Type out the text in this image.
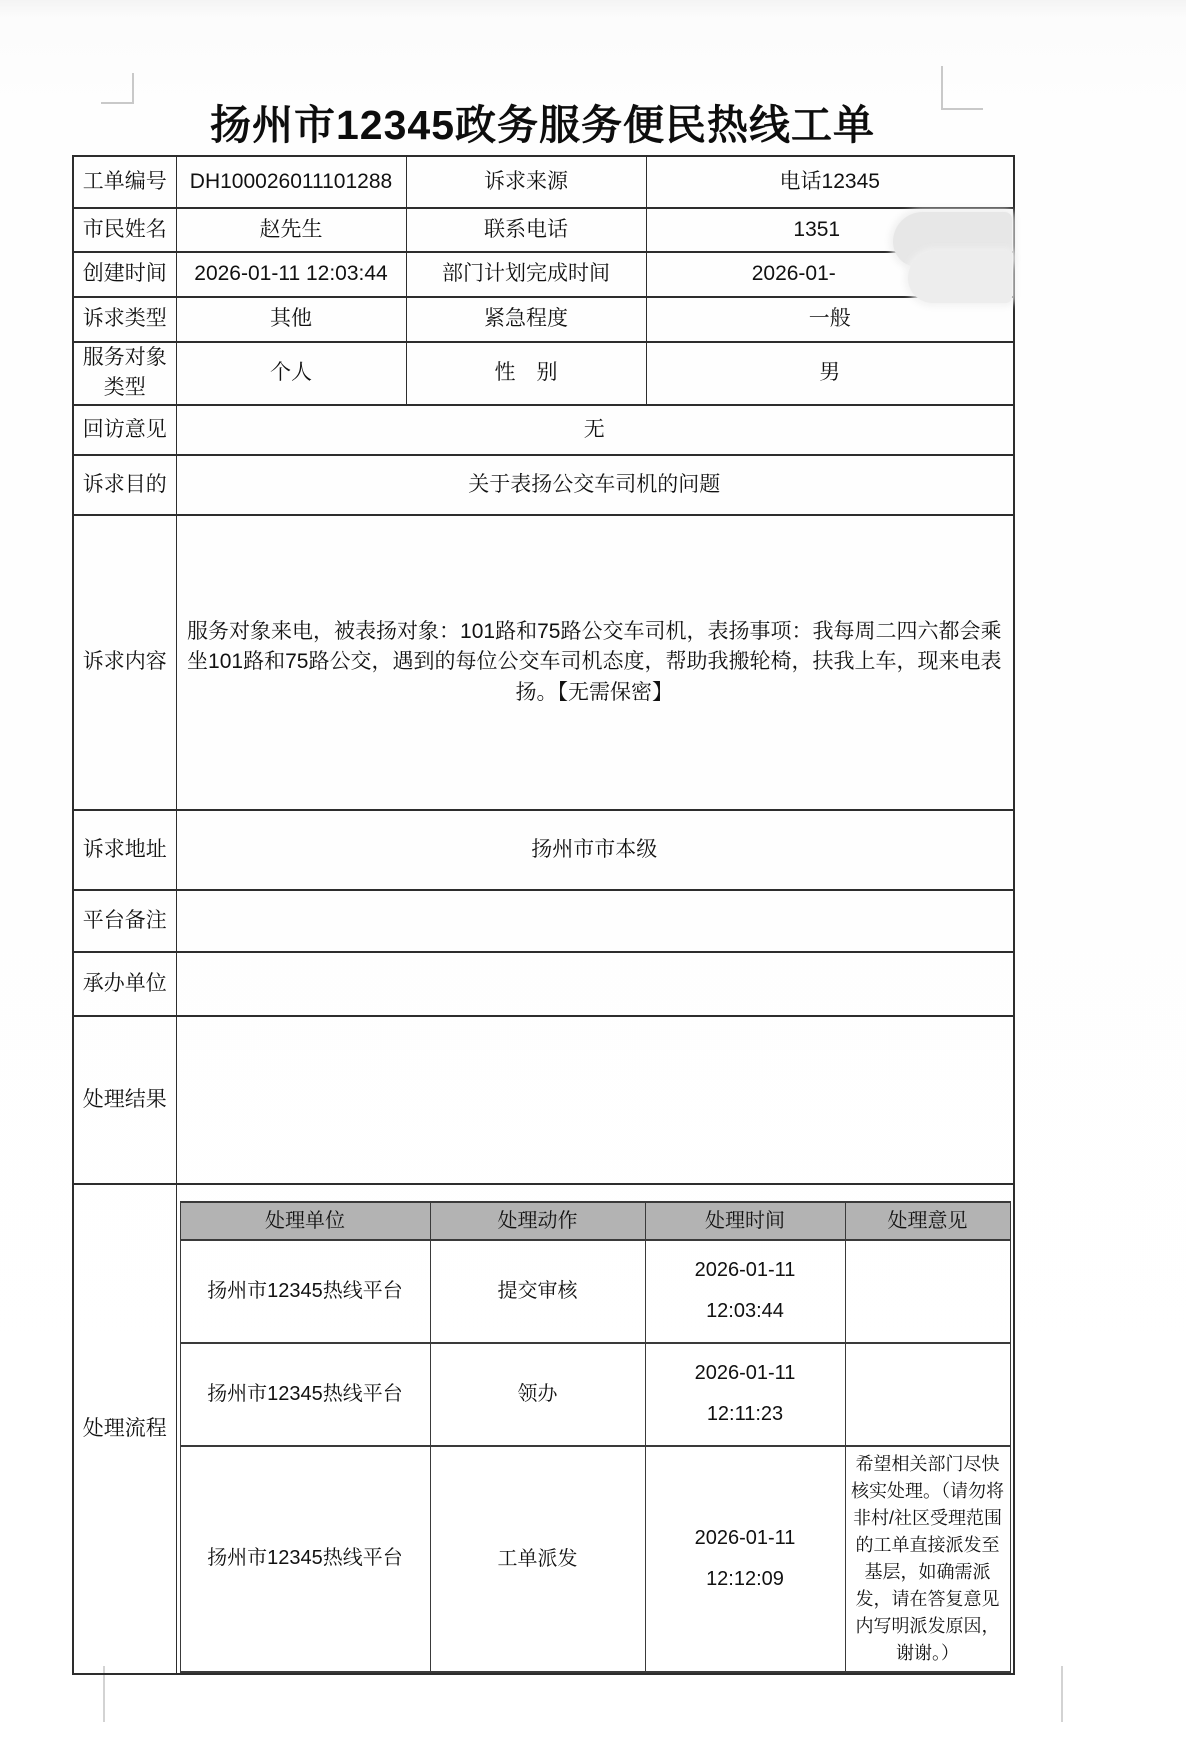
扬州市12345政务服务便民热线工单
工单编号	DH100026011101288	诉求来源	电话12345
市民姓名	赵先生	联系电话	1351
创建时间	2026-01-11 12:03:44	部门计划完成时间	2026-01-
诉求类型	其他	紧急程度	一般
服务对象类型	个人	性　别	男
回访意见	无
诉求目的	关于表扬公交车司机的问题
诉求内容	服务对象来电，被表扬对象：101路和75路公交车司机，表扬事项：我每周二四六都会乘坐101路和75路公交，遇到的每位公交车司机态度，帮助我搬轮椅，扶我上车，现来电表扬。【无需保密】
诉求地址	扬州市市本级
平台备注	
承办单位	
处理结果	
处理流程	
处理单位	处理动作	处理时间	处理意见
扬州市12345热线平台	提交审核	2026-01-11 12:03:44	
扬州市12345热线平台	领办	2026-01-11 12:11:23	
扬州市12345热线平台	工单派发	2026-01-11 12:12:09	希望相关部门尽快核实处理。（请勿将非村/社区受理范围的工单直接派发至基层，如确需派发，请在答复意见内写明派发原因，谢谢。）
